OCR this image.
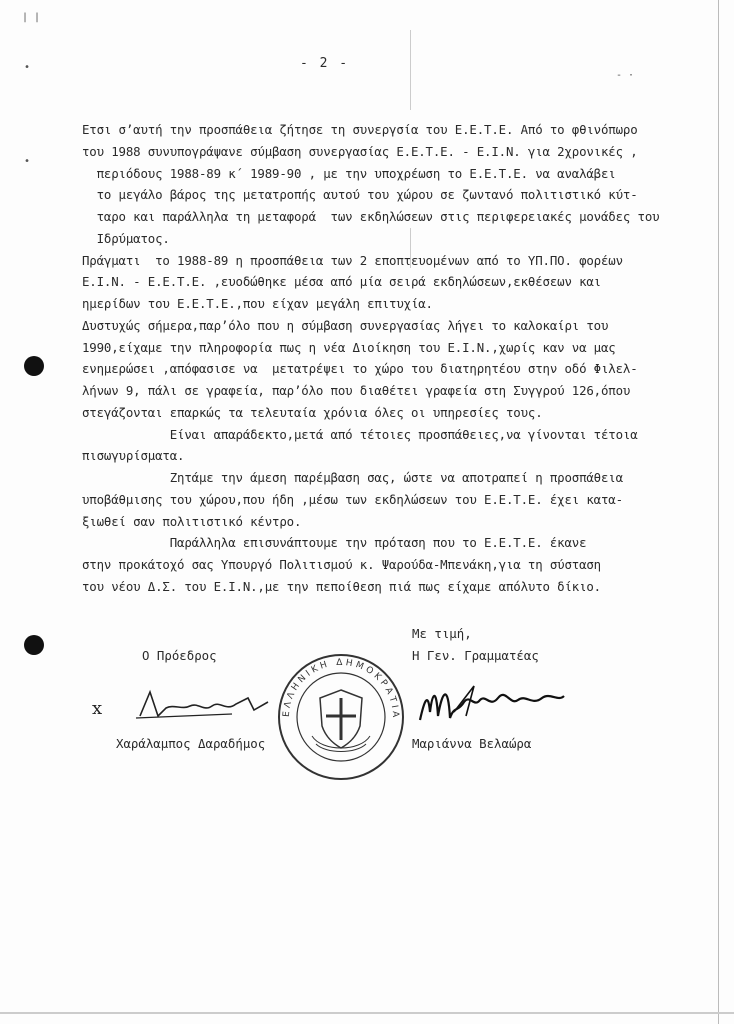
| |
•
•
- ·
- 2 -
Ετσι σ’αυτή την προσπάθεια ζήτησε τη συνεργσία του Ε.Ε.Τ.Ε. Από το φθινόπωρο
του 1988 συνυπογράψανε σύμβαση συνεργασίας Ε.Ε.Τ.Ε. - Ε.Ι.Ν. για 2χρονικές ,
περιόδους 1988-89 κ΄ 1989-90 , με την υποχρέωση το Ε.Ε.Τ.Ε. να αναλάβει
το μεγάλο βάρος της μετατροπής αυτού του χώρου σε ζωντανό πολιτιστικό κύτ-
ταρο και παράλληλα τη μεταφορά  των εκδηλώσεων στις περιφερειακές μονάδες του
Ιδρύματος.
Πράγματι  το 1988-89 η προσπάθεια των 2 εποπτευομένων από το ΥΠ.ΠΟ. φορέων
Ε.Ι.Ν. - Ε.Ε.Τ.Ε. ,ευοδώθηκε μέσα από μία σειρά εκδηλώσεων,εκθέσεων και
ημερίδων του Ε.Ε.Τ.Ε.,που είχαν μεγάλη επιτυχία.
Δυστυχώς σήμερα,παρ’όλο που η σύμβαση συνεργασίας λήγει το καλοκαίρι του
1990,είχαμε την πληροφορία πως η νέα Διοίκηση του Ε.Ι.Ν.,χωρίς καν να μας
ενημερώσει ,απόφασισε να  μετατρέψει το χώρο του διατηρητέου στην οδό Φιλελ-
λήνων 9, πάλι σε γραφεία, παρ’όλο που διαθέτει γραφεία στη Συγγρού 126,όπου
στεγάζονται επαρκώς τα τελευταία χρόνια όλες οι υπηρεσίες τους.
Είναι απαράδεκτο,μετά από τέτοιες προσπάθειες,να γίνονται τέτοια
πισωγυρίσματα.
Ζητάμε την άμεση παρέμβαση σας, ώστε να αποτραπεί η προσπάθεια
υποβάθμισης του χώρου,που ήδη ,μέσω των εκδηλώσεων του Ε.Ε.Τ.Ε. έχει κατα-
ξιωθεί σαν πολιτιστικό κέντρο.
Παράλληλα επισυνάπτουμε την πρόταση που το Ε.Ε.Τ.Ε. έκανε
στην προκάτοχό σας Υπουργό Πολιτισμού κ. Ψαρούδα-Μπενάκη,για τη σύσταση
του νέου Δ.Σ. του Ε.Ι.Ν.,με την πεποίθεση πιά πως είχαμε απόλυτο δίκιο.
Με τιμή,
Ο Πρόεδρος	Η Γεν. Γραμματέας
x	ΕΛΛΗΝΙΚΗ ΔΗΜΟΚΡΑΤΙΑ
Χαράλαμπος Δαραδήμος	Μαριάννα Βελαώρα
